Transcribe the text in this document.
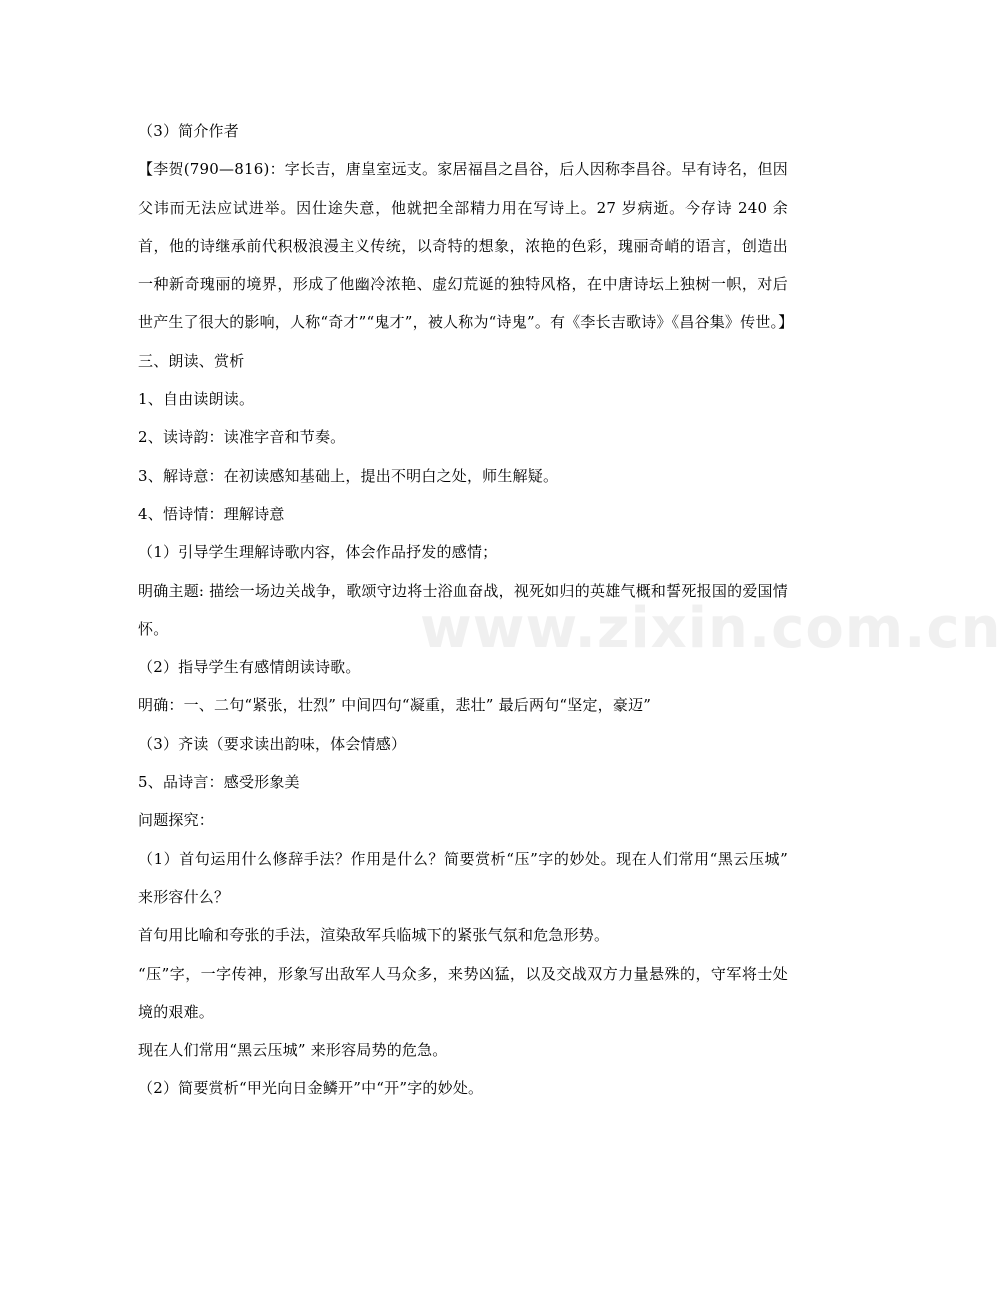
www.zixin.com.cn

（3）简介作者

【李贺(790—816)：字长吉，唐皇室远支。家居福昌之昌谷，后人因称李昌谷。早有诗名，但因父讳而无法应试进举。因仕途失意，他就把全部精力用在写诗上。27 岁病逝。今存诗 240 余首，他的诗继承前代积极浪漫主义传统，以奇特的想象，浓艳的色彩，瑰丽奇峭的语言，创造出一种新奇瑰丽的境界，形成了他幽冷浓艳、虚幻荒诞的独特风格，在中唐诗坛上独树一帜，对后世产生了很大的影响，人称“奇才”“鬼才”，被人称为“诗鬼”。有《李长吉歌诗》《昌谷集》传世。】

三、朗读、赏析

1、自由读朗读。

2、读诗韵：读准字音和节奏。

3、解诗意：在初读感知基础上，提出不明白之处，师生解疑。

4、悟诗情：理解诗意

（1）引导学生理解诗歌内容，体会作品抒发的感情；

明确主题: 描绘一场边关战争，歌颂守边将士浴血奋战，视死如归的英雄气概和誓死报国的爱国情怀。

（2）指导学生有感情朗读诗歌。

明确：一、二句“紧张，壮烈” 中间四句“凝重，悲壮” 最后两句“坚定，豪迈”

（3）齐读（要求读出韵味，体会情感）

5、品诗言：感受形象美

问题探究：

（1）首句运用什么修辞手法？作用是什么？简要赏析“压”字的妙处。现在人们常用“黑云压城” 来形容什么？

首句用比喻和夸张的手法，渲染敌军兵临城下的紧张气氛和危急形势。

“压”字，一字传神，形象写出敌军人马众多，来势凶猛，以及交战双方力量悬殊的，守军将士处境的艰难。

现在人们常用“黑云压城” 来形容局势的危急。

（2）简要赏析“甲光向日金鳞开”中“开”字的妙处。
